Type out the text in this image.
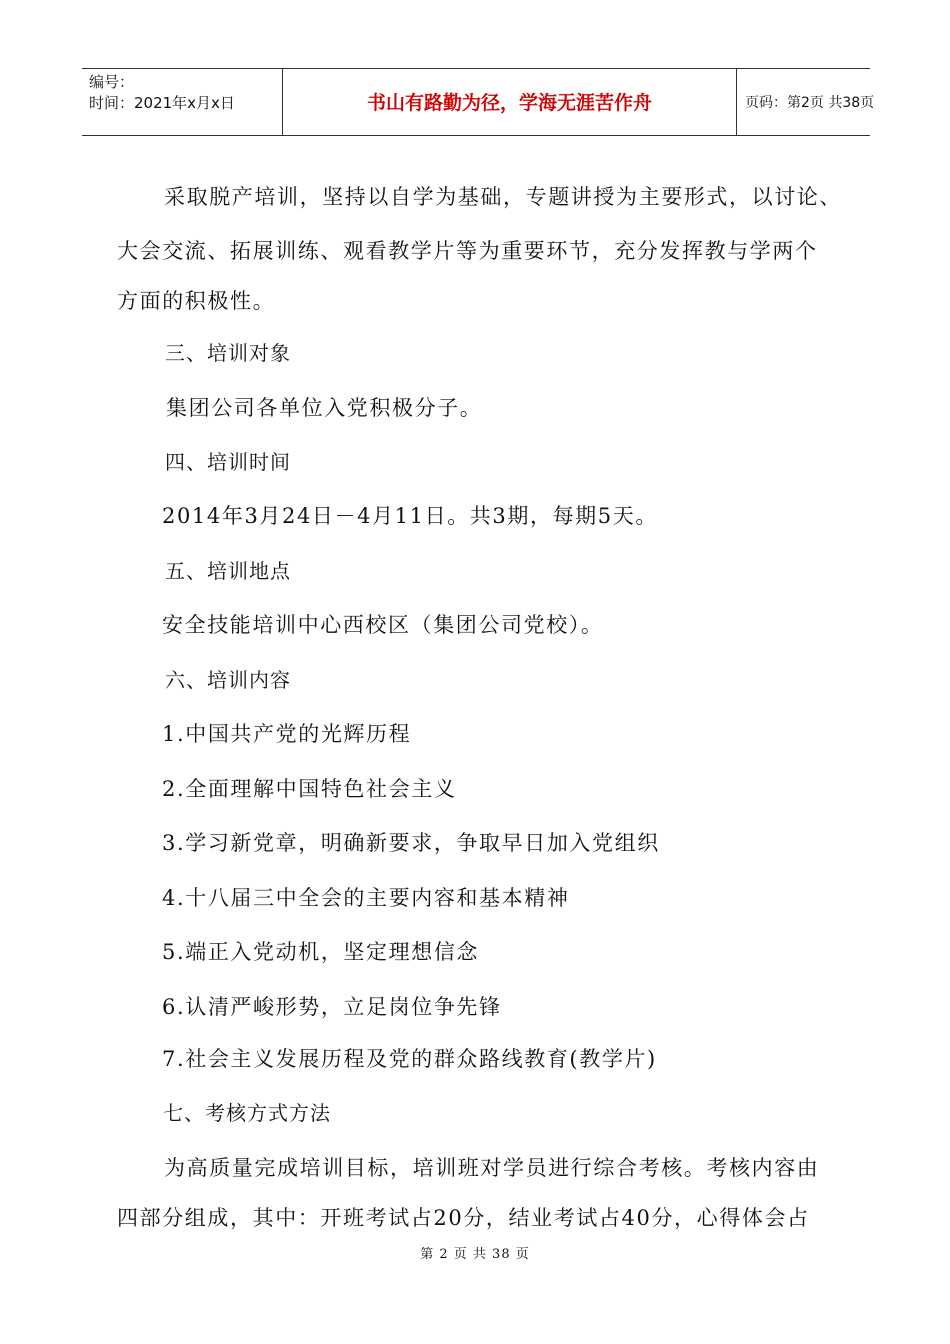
编号：
时间：2021年x月x日	书山有路勤为径，学海无涯苦作舟	页码：第2页 共38页
采取脱产培训，坚持以自学为基础，专题讲授为主要形式，以讨论、
大会交流、拓展训练、观看教学片等为重要环节，充分发挥教与学两个
方面的积极性。
三、培训对象
集团公司各单位入党积极分子。
四、培训时间
2014年3月24日－4月11日。共3期，每期5天。
五、培训地点
安全技能培训中心西校区（集团公司党校）。
六、培训内容
1.中国共产党的光辉历程
2.全面理解中国特色社会主义
3.学习新党章，明确新要求，争取早日加入党组织
4.十八届三中全会的主要内容和基本精神
5.端正入党动机，坚定理想信念
6.认清严峻形势，立足岗位争先锋
7.社会主义发展历程及党的群众路线教育(教学片)
七、考核方式方法
为高质量完成培训目标，培训班对学员进行综合考核。考核内容由
四部分组成，其中：开班考试占20分，结业考试占40分，心得体会占
第 2 页 共 38 页
